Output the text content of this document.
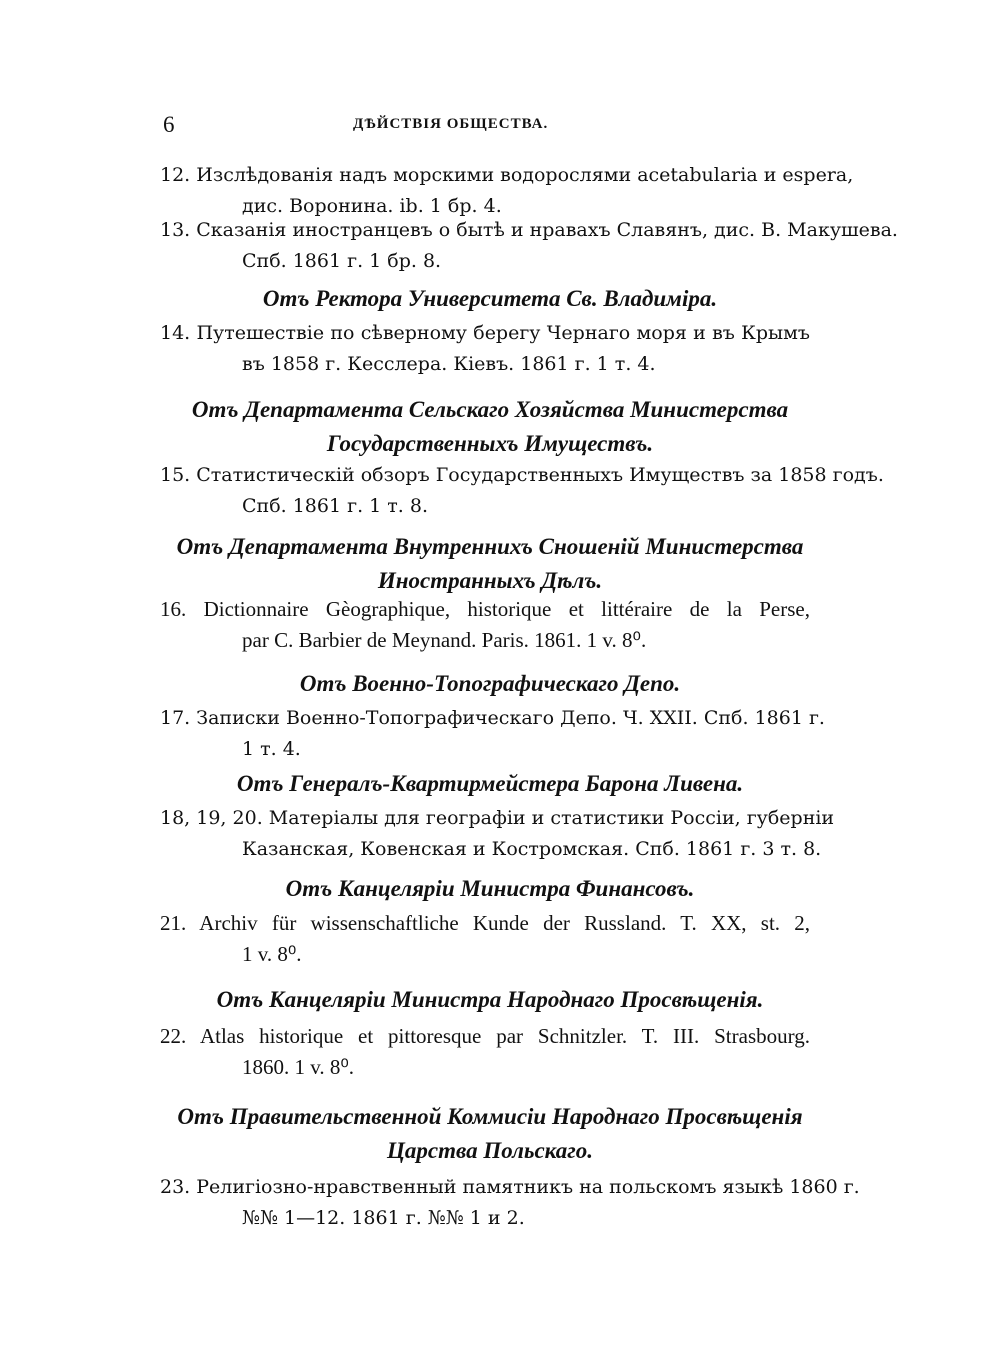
6	ДѢЙСТВІЯ ОБЩЕСТВА.
12. Изслѣдованія надъ морскими водорослями acetabularia и espera,
дис. Воронина. ib. 1 бр. 4.
13. Сказанія иностранцевъ о бытѣ и нравахъ Славянъ, дис. В. Макушева.
Спб. 1861 г. 1 бр. 8.
Отъ Ректора Университета Св. Владиміра.
14. Путешествіе по сѣверному берегу Чернаго моря и въ Крымъ
въ 1858 г. Кесслера. Кіевъ. 1861 г. 1 т. 4.
Отъ Департамента Сельскаго Хозяйства Министерства
Государственныхъ Имуществъ.
15. Статистическій обзоръ Государственныхъ Имуществъ за 1858 годъ.
Спб. 1861 г. 1 т. 8.
Отъ Департамента Внутреннихъ Сношеній Министерства
Иностранныхъ Дѣлъ.
16. Dictionnaire Gèographique, historique et littéraire de la Perse,
par C. Barbier de Meynand. Paris. 1861. 1 v. 8⁰.
Отъ Военно-Топографическаго Депо.
17. Записки Военно-Топографическаго Депо. Ч. XXII. Спб. 1861 г.
1 т. 4.
Отъ Генералъ-Квартирмейстера Барона Ливена.
18, 19, 20. Матеріалы для географіи и статистики Россіи, губерніи
Казанская, Ковенская и Костромская. Спб. 1861 г. 3 т. 8.
Отъ Канцеляріи Министра Финансовъ.
21. Archiv für wissenschaftliche Kunde der Russland. T. XX, st. 2,
1 v. 8⁰.
Отъ Канцеляріи Министра Народнаго Просвѣщенія.
22. Atlas historique et pittoresque par Schnitzler. T. III. Strasbourg.
1860. 1 v. 8⁰.
Отъ Правительственной Коммисіи Народнаго Просвѣщенія
Царства Польскаго.
23. Религіозно-нравственный памятникъ на польскомъ языкѣ 1860 г.
№№ 1—12. 1861 г. №№ 1 и 2.
